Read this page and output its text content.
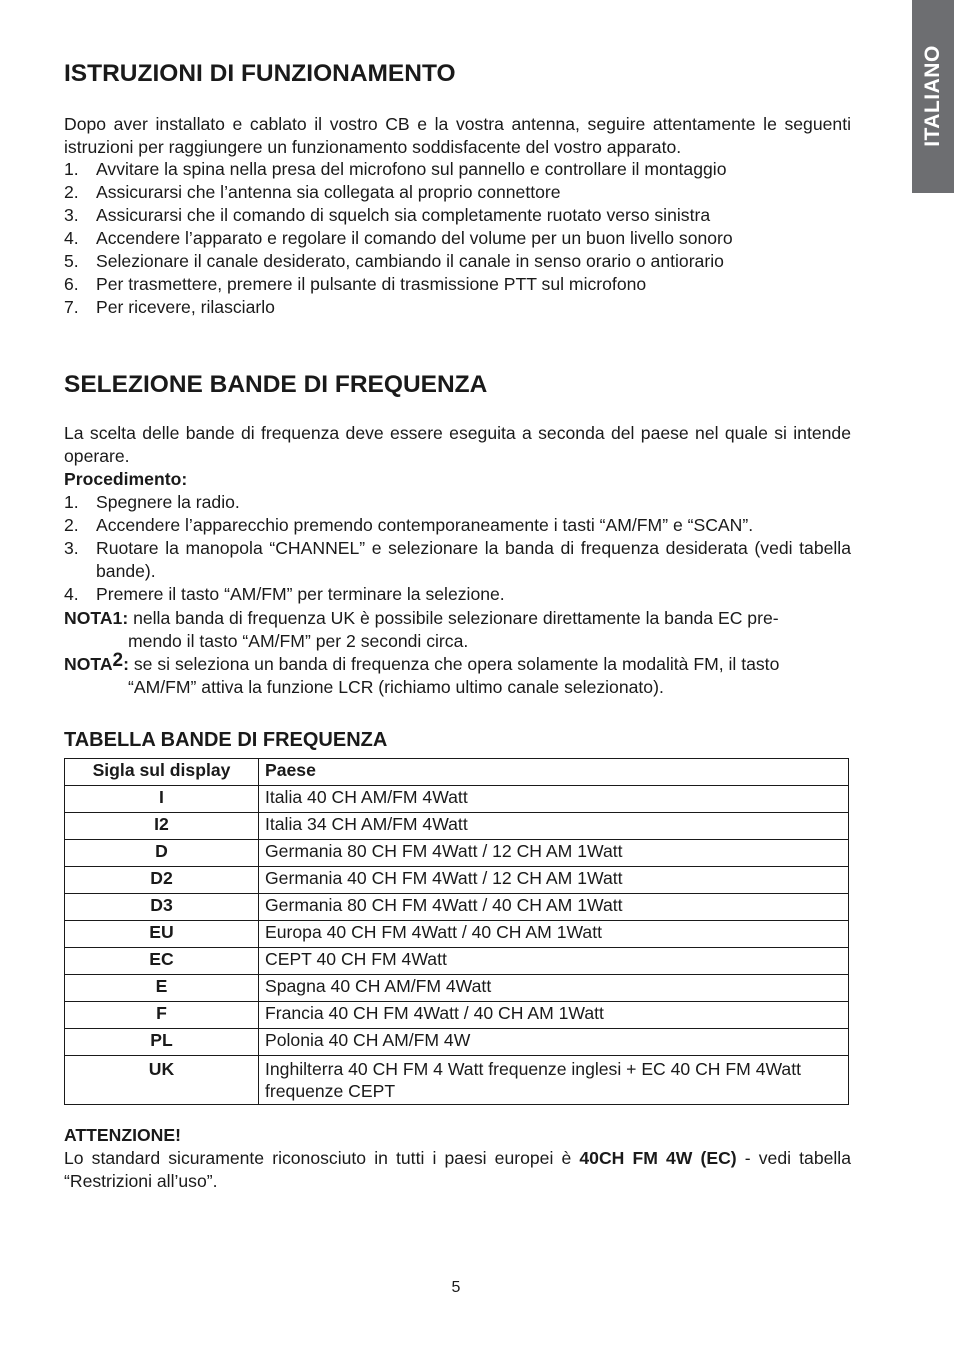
ITALIANO
ISTRUZIONI DI FUNZIONAMENTO

Dopo aver installato e cablato il vostro CB e la vostra antenna, seguire attentamente le seguenti istruzioni per raggiungere un funzionamento soddisfacente del vostro apparato.

1. Avvitare la spina nella presa del microfono sul pannello e controllare il montaggio
2. Assicurarsi che l’antenna sia collegata al proprio connettore
3. Assicurarsi che il comando di squelch sia completamente ruotato verso sinistra
4. Accendere l’apparato e regolare il comando del volume per un buon livello sonoro
5. Selezionare il canale desiderato, cambiando il canale in senso orario o antiorario
6. Per trasmettere, premere il pulsante di trasmissione PTT sul microfono
7. Per ricevere, rilasciarlo
SELEZIONE BANDE DI FREQUENZA

La scelta delle bande di frequenza deve essere eseguita a seconda del paese nel quale si intende operare.

Procedimento:
1. Spegnere la radio.
2. Accendere l’apparecchio premendo contemporaneamente i tasti “AM/FM” e “SCAN”.
3. Ruotare la manopola “CHANNEL” e selezionare la banda di frequenza desiderata (vedi tabella bande).
4. Premere il tasto “AM/FM” per terminare la selezione.
NOTA1: nella banda di frequenza UK è possibile selezionare direttamente la banda EC pre-
mendo il tasto “AM/FM” per 2 secondi circa.
NOTA$^2$: se si seleziona un banda di frequenza che opera solamente la modalità FM, il tasto
“AM/FM” attiva la funzione LCR (richiamo ultimo canale selezionato).
TABELLA BANDE DI FREQUENZA
Sigla sul display	Paese
I	Italia 40 CH AM/FM 4Watt
I2	Italia 34 CH AM/FM 4Watt
D	Germania 80 CH FM 4Watt / 12 CH AM 1Watt
D2	Germania 40 CH FM 4Watt / 12 CH AM 1Watt
D3	Germania 80 CH FM 4Watt / 40 CH AM 1Watt
EU	Europa 40 CH FM 4Watt / 40 CH AM 1Watt
EC	CEPT 40 CH FM 4Watt
E	Spagna 40 CH AM/FM 4Watt
F	Francia 40 CH FM 4Watt / 40 CH AM 1Watt
PL	Polonia 40 CH AM/FM 4W
UK	Inghilterra 40 CH FM 4 Watt frequenze inglesi + EC 40 CH FM 4Watt frequenze CEPT
ATTENZIONE!

Lo standard sicuramente riconosciuto in tutti i paesi europei è 40CH FM 4W (EC) - vedi tabella “Restrizioni all’uso”.

5
